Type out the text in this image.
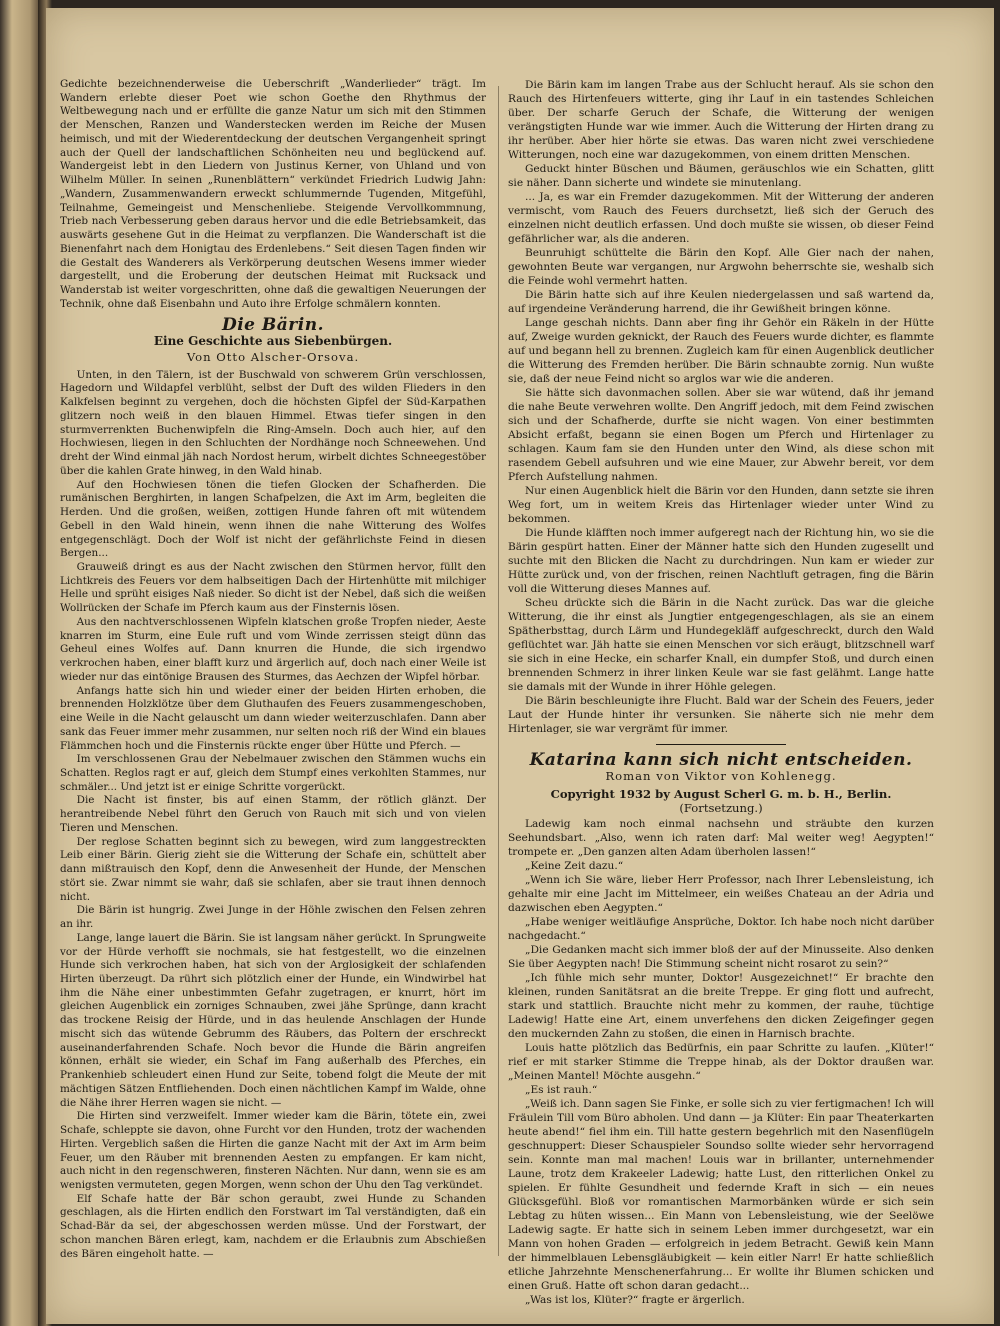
Gedichte bezeichnenderweise die Ueberschrift „Wanderlieder“ trägt. Im Wandern erlebte dieser Poet wie schon Goethe den Rhythmus der Weltbewegung nach und er erfüllte die ganze Natur um sich mit den Stimmen der Menschen, Ranzen und Wanderstecken werden im Reiche der Musen heimisch, und mit der Wiederentdeckung der deutschen Vergangenheit springt auch der Quell der landschaftlichen Schönheiten neu und beglückend auf. Wandergeist lebt in den Liedern von Justinus Kerner, von Uhland und von Wilhelm Müller. In seinen „Runenblättern“ verkündet Friedrich Ludwig Jahn: „Wandern, Zusammenwandern erweckt schlummernde Tugenden, Mitgefühl, Teilnahme, Gemeingeist und Menschenliebe. Steigende Vervollkommnung, Trieb nach Verbesserung geben daraus hervor und die edle Betriebsamkeit, das auswärts gesehene Gut in die Heimat zu verpflanzen. Die Wanderschaft ist die Bienenfahrt nach dem Honigtau des Erdenlebens.“ Seit diesen Tagen finden wir die Gestalt des Wanderers als Verkörperung deutschen Wesens immer wieder dargestellt, und die Eroberung der deutschen Heimat mit Rucksack und Wanderstab ist weiter vorgeschritten, ohne daß die gewaltigen Neuerungen der Technik, ohne daß Eisenbahn und Auto ihre Erfolge schmälern konnten.

Die Bärin.
Eine Geschichte aus Siebenbürgen.
Von Otto Alscher-Orsova.

Unten, in den Tälern, ist der Buschwald von schwerem Grün verschlossen, Hagedorn und Wildapfel verblüht, selbst der Duft des wilden Flieders in den Kalkfelsen beginnt zu vergehen, doch die höchsten Gipfel der Süd-Karpathen glitzern noch weiß in den blauen Himmel. Etwas tiefer singen in den sturmverrenkten Buchenwipfeln die Ring-Amseln. Doch auch hier, auf den Hochwiesen, liegen in den Schluchten der Nordhänge noch Schneewehen. Und dreht der Wind einmal jäh nach Nordost herum, wirbelt dichtes Schneegestöber über die kahlen Grate hinweg, in den Wald hinab.

Auf den Hochwiesen tönen die tiefen Glocken der Schafherden. Die rumänischen Berghirten, in langen Schafpelzen, die Axt im Arm, begleiten die Herden. Und die großen, weißen, zottigen Hunde fahren oft mit wütendem Gebell in den Wald hinein, wenn ihnen die nahe Witterung des Wolfes entgegenschlägt. Doch der Wolf ist nicht der gefährlichste Feind in diesen Bergen...

Grauweiß dringt es aus der Nacht zwischen den Stürmen hervor, füllt den Lichtkreis des Feuers vor dem halbseitigen Dach der Hirtenhütte mit milchiger Helle und sprüht eisiges Naß nieder. So dicht ist der Nebel, daß sich die weißen Wollrücken der Schafe im Pferch kaum aus der Finsternis lösen.

Aus den nachtverschlossenen Wipfeln klatschen große Tropfen nieder, Aeste knarren im Sturm, eine Eule ruft und vom Winde zerrissen steigt dünn das Geheul eines Wolfes auf. Dann knurren die Hunde, die sich irgendwo verkrochen haben, einer blafft kurz und ärgerlich auf, doch nach einer Weile ist wieder nur das eintönige Brausen des Sturmes, das Aechzen der Wipfel hörbar.

Anfangs hatte sich hin und wieder einer der beiden Hirten erhoben, die brennenden Holzklötze über dem Gluthaufen des Feuers zusammengeschoben, eine Weile in die Nacht gelauscht um dann wieder weiterzuschlafen. Dann aber sank das Feuer immer mehr zusammen, nur selten noch riß der Wind ein blaues Flämmchen hoch und die Finsternis rückte enger über Hütte und Pferch. —

Im verschlossenen Grau der Nebelmauer zwischen den Stämmen wuchs ein Schatten. Reglos ragt er auf, gleich dem Stumpf eines verkohlten Stammes, nur schmäler... Und jetzt ist er einige Schritte vorgerückt.

Die Nacht ist finster, bis auf einen Stamm, der rötlich glänzt. Der herantreibende Nebel führt den Geruch von Rauch mit sich und von vielen Tieren und Menschen.

Der reglose Schatten beginnt sich zu bewegen, wird zum langgestreckten Leib einer Bärin. Gierig zieht sie die Witterung der Schafe ein, schüttelt aber dann mißtrauisch den Kopf, denn die Anwesenheit der Hunde, der Menschen stört sie. Zwar nimmt sie wahr, daß sie schlafen, aber sie traut ihnen dennoch nicht.

Die Bärin ist hungrig. Zwei Junge in der Höhle zwischen den Felsen zehren an ihr.

Lange, lange lauert die Bärin. Sie ist langsam näher gerückt. In Sprungweite vor der Hürde verhofft sie nochmals, sie hat festgestellt, wo die einzelnen Hunde sich verkrochen haben, hat sich von der Arglosigkeit der schlafenden Hirten überzeugt. Da rührt sich plötzlich einer der Hunde, ein Windwirbel hat ihm die Nähe einer unbestimmten Gefahr zugetragen, er knurrt, hört im gleichen Augenblick ein zorniges Schnauben, zwei jähe Sprünge, dann kracht das trockene Reisig der Hürde, und in das heulende Anschlagen der Hunde mischt sich das wütende Gebrumm des Räubers, das Poltern der erschreckt auseinanderfahrenden Schafe. Noch bevor die Hunde die Bärin angreifen können, erhält sie wieder, ein Schaf im Fang außerhalb des Pferches, ein Prankenhieb schleudert einen Hund zur Seite, tobend folgt die Meute der mit mächtigen Sätzen Entfliehenden. Doch einen nächtlichen Kampf im Walde, ohne die Nähe ihrer Herren wagen sie nicht. —

Die Hirten sind verzweifelt. Immer wieder kam die Bärin, tötete ein, zwei Schafe, schleppte sie davon, ohne Furcht vor den Hunden, trotz der wachenden Hirten. Vergeblich saßen die Hirten die ganze Nacht mit der Axt im Arm beim Feuer, um den Räuber mit brennenden Aesten zu empfangen. Er kam nicht, auch nicht in den regenschweren, finsteren Nächten. Nur dann, wenn sie es am wenigsten vermuteten, gegen Morgen, wenn schon der Uhu den Tag verkündet.

Elf Schafe hatte der Bär schon geraubt, zwei Hunde zu Schanden geschlagen, als die Hirten endlich den Forstwart im Tal verständigten, daß ein Schad-Bär da sei, der abgeschossen werden müsse. Und der Forstwart, der schon manchen Bären erlegt, kam, nachdem er die Erlaubnis zum Abschießen des Bären eingeholt hatte. —

Die Bärin kam im langen Trabe aus der Schlucht herauf. Als sie schon den Rauch des Hirtenfeuers witterte, ging ihr Lauf in ein tastendes Schleichen über. Der scharfe Geruch der Schafe, die Witterung der wenigen verängstigten Hunde war wie immer. Auch die Witterung der Hirten drang zu ihr herüber. Aber hier hörte sie etwas. Das waren nicht zwei verschiedene Witterungen, noch eine war dazugekommen, von einem dritten Menschen.

Geduckt hinter Büschen und Bäumen, geräuschlos wie ein Schatten, glitt sie näher. Dann sicherte und windete sie minutenlang.

... Ja, es war ein Fremder dazugekommen. Mit der Witterung der anderen vermischt, vom Rauch des Feuers durchsetzt, ließ sich der Geruch des einzelnen nicht deutlich erfassen. Und doch mußte sie wissen, ob dieser Feind gefährlicher war, als die anderen.

Beunruhigt schüttelte die Bärin den Kopf. Alle Gier nach der nahen, gewohnten Beute war vergangen, nur Argwohn beherrschte sie, weshalb sich die Feinde wohl vermehrt hatten.

Die Bärin hatte sich auf ihre Keulen niedergelassen und saß wartend da, auf irgendeine Veränderung harrend, die ihr Gewißheit bringen könne.

Lange geschah nichts. Dann aber fing ihr Gehör ein Räkeln in der Hütte auf, Zweige wurden geknickt, der Rauch des Feuers wurde dichter, es flammte auf und begann hell zu brennen. Zugleich kam für einen Augenblick deutlicher die Witterung des Fremden herüber. Die Bärin schnaubte zornig. Nun wußte sie, daß der neue Feind nicht so arglos war wie die anderen.

Sie hätte sich davonmachen sollen. Aber sie war wütend, daß ihr jemand die nahe Beute verwehren wollte. Den Angriff jedoch, mit dem Feind zwischen sich und der Schafherde, durfte sie nicht wagen. Von einer bestimmten Absicht erfaßt, begann sie einen Bogen um Pferch und Hirtenlager zu schlagen. Kaum fam sie den Hunden unter den Wind, als diese schon mit rasendem Gebell aufsuhren und wie eine Mauer, zur Abwehr bereit, vor dem Pferch Aufstellung nahmen.

Nur einen Augenblick hielt die Bärin vor den Hunden, dann setzte sie ihren Weg fort, um in weitem Kreis das Hirtenlager wieder unter Wind zu bekommen.

Die Hunde kläfften noch immer aufgeregt nach der Richtung hin, wo sie die Bärin gespürt hatten. Einer der Männer hatte sich den Hunden zugesellt und suchte mit den Blicken die Nacht zu durchdringen. Nun kam er wieder zur Hütte zurück und, von der frischen, reinen Nachtluft getragen, fing die Bärin voll die Witterung dieses Mannes auf.

Scheu drückte sich die Bärin in die Nacht zurück. Das war die gleiche Witterung, die ihr einst als Jungtier entgegengeschlagen, als sie an einem Spätherbsttag, durch Lärm und Hundegekläff aufgeschreckt, durch den Wald geflüchtet war. Jäh hatte sie einen Menschen vor sich eräugt, blitzschnell warf sie sich in eine Hecke, ein scharfer Knall, ein dumpfer Stoß, und durch einen brennenden Schmerz in ihrer linken Keule war sie fast gelähmt. Lange hatte sie damals mit der Wunde in ihrer Höhle gelegen.

Die Bärin beschleunigte ihre Flucht. Bald war der Schein des Feuers, jeder Laut der Hunde hinter ihr versunken. Sie näherte sich nie mehr dem Hirtenlager, sie war vergrämt für immer.

Katarina kann sich nicht entscheiden.
Roman von Viktor von Kohlenegg.
Copyright 1932 by August Scherl G. m. b. H., Berlin.
(Fortsetzung.)

Ladewig kam noch einmal nachsehn und sträubte den kurzen Seehundsbart. „Also, wenn ich raten darf: Mal weiter weg! Aegypten!“ trompete er. „Den ganzen alten Adam überholen lassen!“

„Keine Zeit dazu.“

„Wenn ich Sie wäre, lieber Herr Professor, nach Ihrer Lebensleistung, ich gehalte mir eine Jacht im Mittelmeer, ein weißes Chateau an der Adria und dazwischen eben Aegypten.“

„Habe weniger weitläufige Ansprüche, Doktor. Ich habe noch nicht darüber nachgedacht.“

„Die Gedanken macht sich immer bloß der auf der Minusseite. Also denken Sie über Aegypten nach! Die Stimmung scheint nicht rosarot zu sein?“

„Ich fühle mich sehr munter, Doktor! Ausgezeichnet!“ Er brachte den kleinen, runden Sanitätsrat an die breite Treppe. Er ging flott und aufrecht, stark und stattlich. Brauchte nicht mehr zu kommen, der rauhe, tüchtige Ladewig! Hatte eine Art, einem unverfehens den dicken Zeigefinger gegen den muckernden Zahn zu stoßen, die einen in Harnisch brachte.

Louis hatte plötzlich das Bedürfnis, ein paar Schritte zu laufen. „Klüter!“ rief er mit starker Stimme die Treppe hinab, als der Doktor draußen war. „Meinen Mantel! Möchte ausgehn.“

„Es ist rauh.“

„Weiß ich. Dann sagen Sie Finke, er solle sich zu vier fertigmachen! Ich will Fräulein Till vom Büro abholen. Und dann — ja Klüter: Ein paar Theaterkarten heute abend!“ fiel ihm ein. Till hatte gestern begehrlich mit den Nasenflügeln geschnuppert: Dieser Schauspieler Soundso sollte wieder sehr hervorragend sein. Konnte man mal machen! Louis war in brillanter, unternehmender Laune, trotz dem Krakeeler Ladewig; hatte Lust, den ritterlichen Onkel zu spielen. Er fühlte Gesundheit und federnde Kraft in sich — ein neues Glücksgefühl. Bloß vor romantischen Marmorbänken würde er sich sein Lebtag zu hüten wissen... Ein Mann von Lebensleistung, wie der Seelöwe Ladewig sagte. Er hatte sich in seinem Leben immer durchgesetzt, war ein Mann von hohen Graden — erfolgreich in jedem Betracht. Gewiß kein Mann der himmelblauen Lebensgläubigkeit — kein eitler Narr! Er hatte schließlich etliche Jahrzehnte Menschenerfahrung... Er wollte ihr Blumen schicken und einen Gruß. Hatte oft schon daran gedacht...

„Was ist los, Klüter?“ fragte er ärgerlich.
